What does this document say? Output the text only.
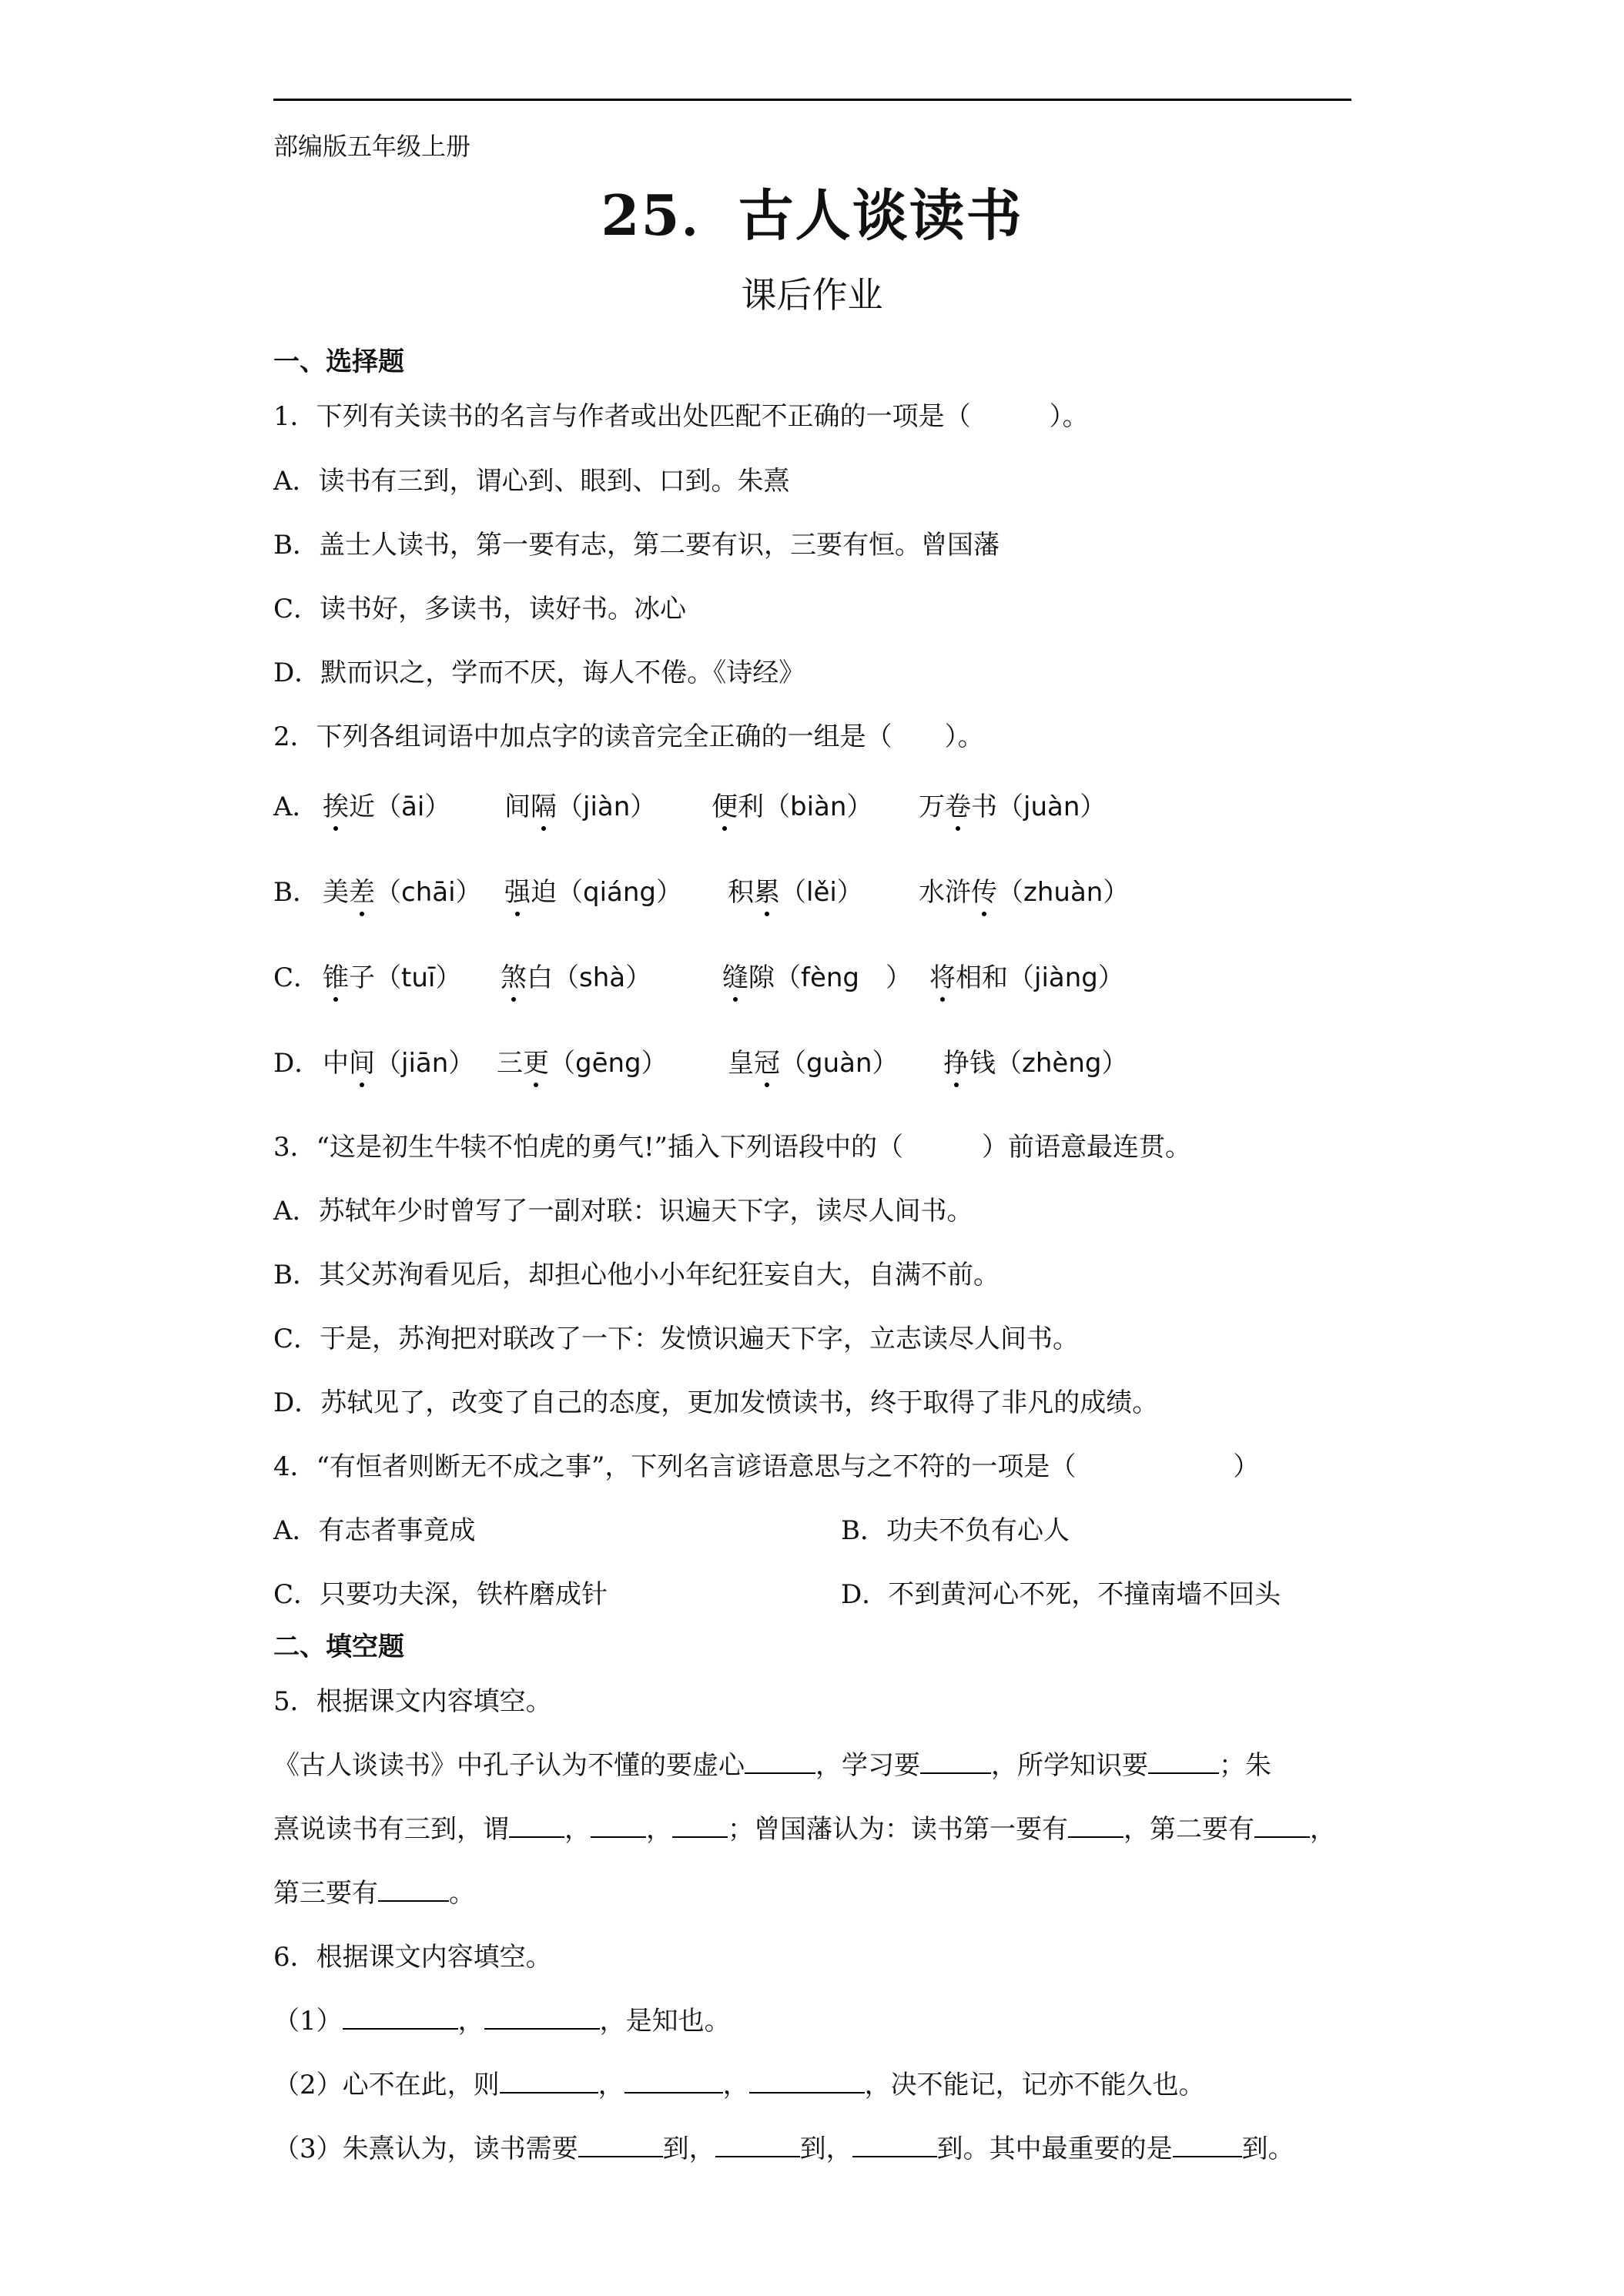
部编版五年级上册
25．古人谈读书
课后作业
一、选择题
1．下列有关读书的名言与作者或出处匹配不正确的一项是（　　　）。
A．读书有三到，谓心到、眼到、口到。朱熹
B．盖士人读书，第一要有志，第二要有识，三要有恒。曾国藩
C．读书好，多读书，读好书。冰心
D．默而识之，学而不厌，诲人不倦。《诗经》
2．下列各组词语中加点字的读音完全正确的一组是（　　）。
A． 挨近（āi） 间隔（jiàn） 便利（biàn） 万卷书（juàn）
B． 美差（chāi） 强迫（qiáng） 积累（lěi） 水浒传（zhuàn）
C． 锥子（tuī） 煞白（shà）	缝隙（fèng　） 将相和（jiàng）
D． 中间（jiān） 三更（gēng） 皇冠（guàn） 挣钱（zhèng）
3．“这是初生牛犊不怕虎的勇气!”插入下列语段中的（　　　）前语意最连贯。
A．苏轼年少时曾写了一副对联：识遍天下字，读尽人间书。
B．其父苏洵看见后，却担心他小小年纪狂妄自大，自满不前。
C．于是，苏洵把对联改了一下：发愤识遍天下字，立志读尽人间书。
D．苏轼见了，改变了自己的态度，更加发愤读书，终于取得了非凡的成绩。
4．“有恒者则断无不成之事”，下列名言谚语意思与之不符的一项是（　　　　　　）
A．有志者事竟成	B．功夫不负有心人
C．只要功夫深，铁杵磨成针	D．不到黄河心不死，不撞南墙不回头
二、填空题
5．根据课文内容填空。
《古人谈读书》中孔子认为不懂的要虚心	，学习要	，所学知识要	；朱
熹说读书有三到，谓 ， ， ；曾国藩认为：读书第一要有 ，第二要有 ，
第三要有	。
6．根据课文内容填空。
（1）	，	，是知也。
（2）心不在此，则	，	，	，决不能记，记亦不能久也。
（3）朱熹认为，读书需要	到，	到，	到。其中最重要的是	到。
